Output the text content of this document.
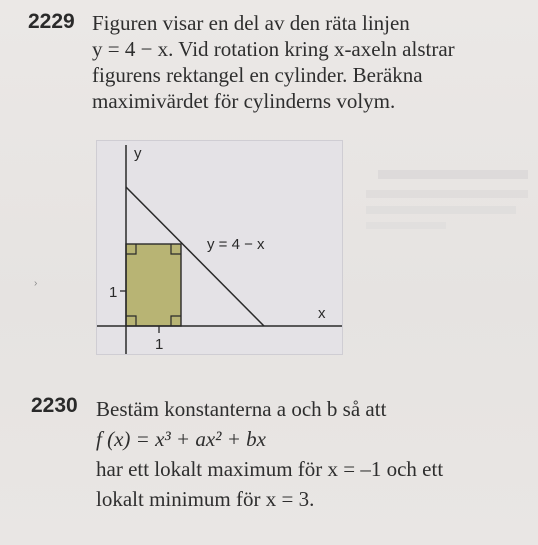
›
2229 Figuren visar en del av den räta linjen
y = 4 − x. Vid rotation kring x-axeln alstrar
figurens rektangel en cylinder. Beräkna
maximivärdet för cylinderns volym.
y
x
y = 4 − x
1
1
2230 Bestäm konstanterna a och b så att
f (x) = x³ + ax² + bx
har ett lokalt maximum för x = –1 och ett
lokalt minimum för x = 3.
